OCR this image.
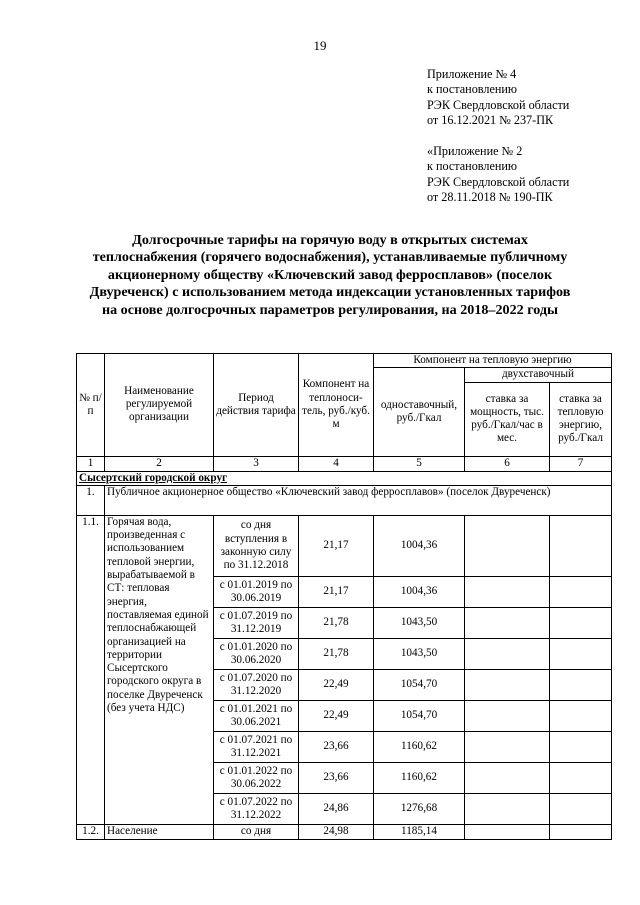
19
Приложение № 4
к постановлению
РЭК Свердловской области
от 16.12.2021 № 237-ПК
«Приложение № 2
к постановлению
РЭК Свердловской области
от 28.11.2018 № 190-ПК
Долгосрочные тарифы на горячую воду в открытых системах
теплоснабжения (горячего водоснабжения), устанавливаемые публичному
акционерному обществу «Ключевский завод ферросплавов» (поселок
Двуреченск) с использованием метода индексации установленных тарифов
на основе долгосрочных параметров регулирования, на 2018–2022 годы
№ п/п	Наименование регулируемой организации	Период действия тарифа	Компонент на теплоноси-тель, руб./куб. м	Компонент на тепловую энергию		
				одноставочный, руб./Гкал	двухставочный	
					ставка за мощность, тыс. руб./Гкал/час в мес.	ставка за тепловую энергию, руб./Гкал
1	2	3	4	5	6	7
Сысертский городской округ						
1.	Публичное акционерное общество «Ключевский завод ферросплавов» (поселок Двуреченск)					
1.1.	Горячая вода, произведенная с использованием тепловой энергии, вырабатываемой в СТ: тепловая энергия, поставляемая единой теплоснабжающей организацией на территории Сысертского городского округа в поселке Двуреченск (без учета НДС)	со дня вступления в законную силу по 31.12.2018	21,17	1004,36		
		с 01.01.2019 по 30.06.2019	21,17	1004,36		
		с 01.07.2019 по 31.12.2019	21,78	1043,50		
		с 01.01.2020 по 30.06.2020	21,78	1043,50		
		с 01.07.2020 по 31.12.2020	22,49	1054,70		
		с 01.01.2021 по 30.06.2021	22,49	1054,70		
		с 01.07.2021 по 31.12.2021	23,66	1160,62		
		с 01.01.2022 по 30.06.2022	23,66	1160,62		
		с 01.07.2022 по 31.12.2022	24,86	1276,68		
1.2.	Население	со дня	24,98	1185,14		
